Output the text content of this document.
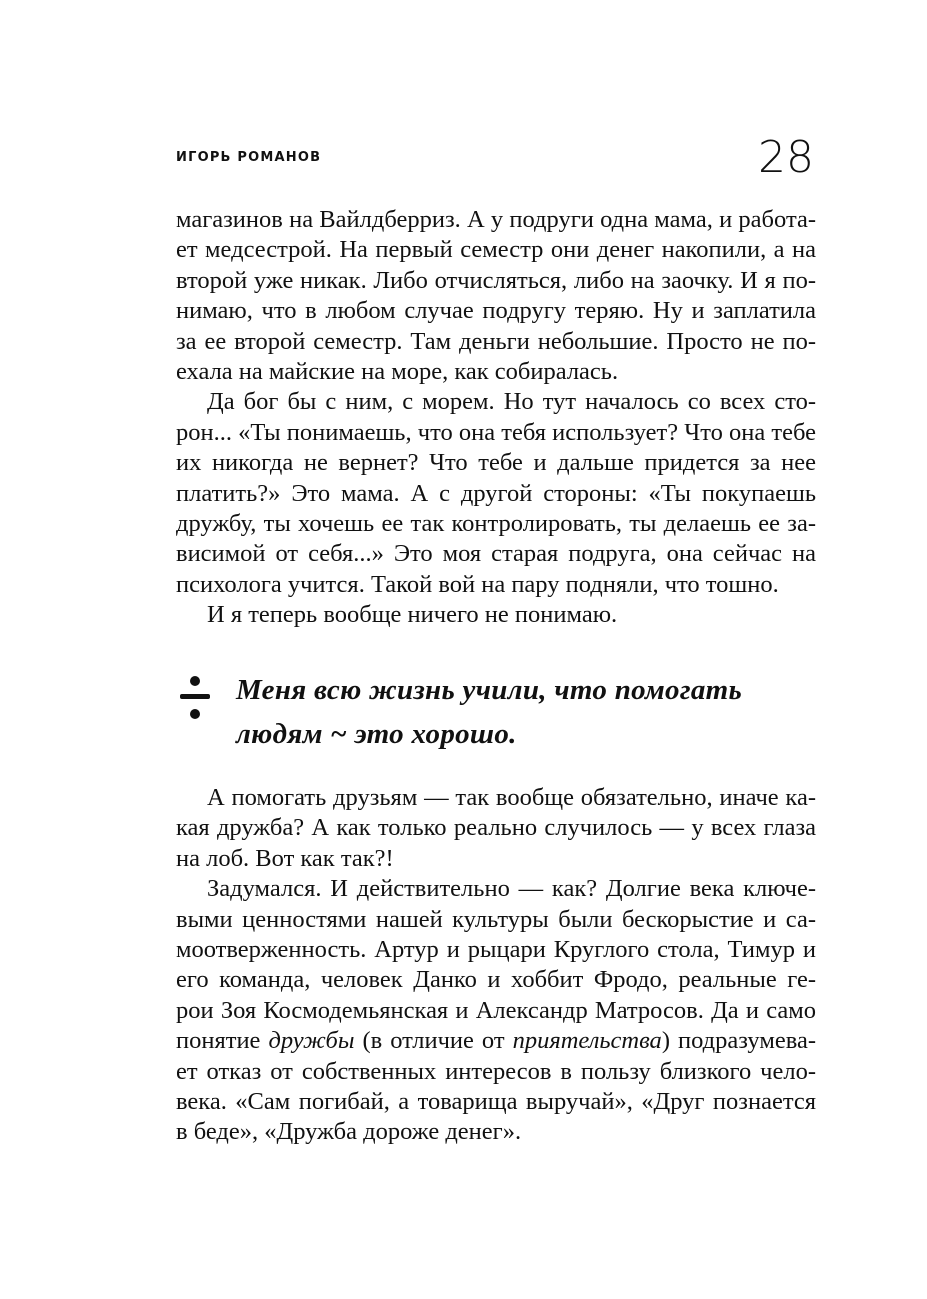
ИГОРЬ РОМАНОВ	28

магазинов на Вайлдберриз. А у подруги одна мама, и работа-ет медсестрой. На первый семестр они денег накопили, а на второй уже никак. Либо отчисляться, либо на заочку. И я по-нимаю, что в любом случае подругу теряю. Ну и заплатила за ее второй семестр. Там деньги небольшие. Просто не по-ехала на майские на море, как собиралась.

Да бог бы с ним, с морем. Но тут началось со всех сто-рон... «Ты понимаешь, что она тебя использует? Что она тебе их никогда не вернет? Что тебе и дальше придется за нее платить?» Это мама. А с другой стороны: «Ты покупаешь дружбу, ты хочешь ее так контролировать, ты делаешь ее за-висимой от себя...» Это моя старая подруга, она сейчас на психолога учится. Такой вой на пару подняли, что тошно.

И я теперь вообще ничего не понимаю.

Меня всю жизнь учили, что помогать
людям ~ это хорошо.

А помогать друзьям — так вообще обязательно, иначе ка-кая дружба? А как только реально случилось — у всех глаза на лоб. Вот как так?!

Задумался. И действительно — как? Долгие века ключе-выми ценностями нашей культуры были бескорыстие и са-моотверженность. Артур и рыцари Круглого стола, Тимур и его команда, человек Данко и хоббит Фродо, реальные ге-рои Зоя Космодемьянская и Александр Матросов. Да и само понятие дружбы (в отличие от приятельства) подразумева-ет отказ от собственных интересов в пользу близкого чело-века. «Сам погибай, а товарища выручай», «Друг познается в беде», «Дружба дороже денег».
